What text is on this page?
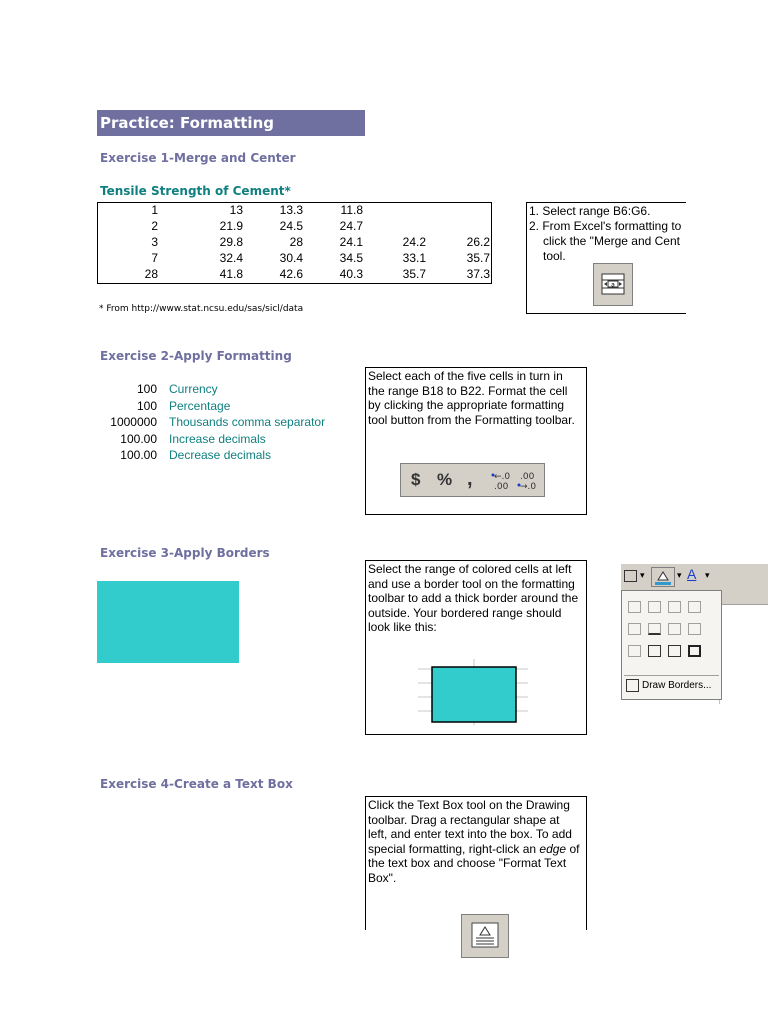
Practice: Formatting
Exercise 1-Merge and Center
Tensile Strength of Cement*
1	13	13.3	11.8		
2	21.9	24.5	24.7		
3	29.8	28	24.1	24.2	26.2
7	32.4	30.4	34.5	33.1	35.7
28	41.8	42.6	40.3	35.7	37.3
* From http://www.stat.ncsu.edu/sas/sicl/data
1. Select range B6:G6.
2. From Excel's formatting to
click the "Merge and Cent
tool.
a
Exercise 2-Apply Formatting
100 Currency
100 Percentage
1000000 Thousands comma separator
100.00 Increase decimals
100.00 Decrease decimals
Select each of the five cells in turn in the range B18 to B22. Format the cell by clicking the appropriate formatting tool button from the Formatting toolbar.
$ % , ←.0
.00
.00
→.0
Exercise 3-Apply Borders
Select the range of colored cells at left and use a border tool on the formatting toolbar to add a thick border around the outside. Your bordered range should look like this:
▾	▾ A ▾
Draw Borders...
Exercise 4-Create a Text Box
Click the Text Box tool on the Drawing toolbar. Drag a rectangular shape at left, and enter text into the box. To add special formatting, right-click an edge of the text box and choose "Format Text Box".
